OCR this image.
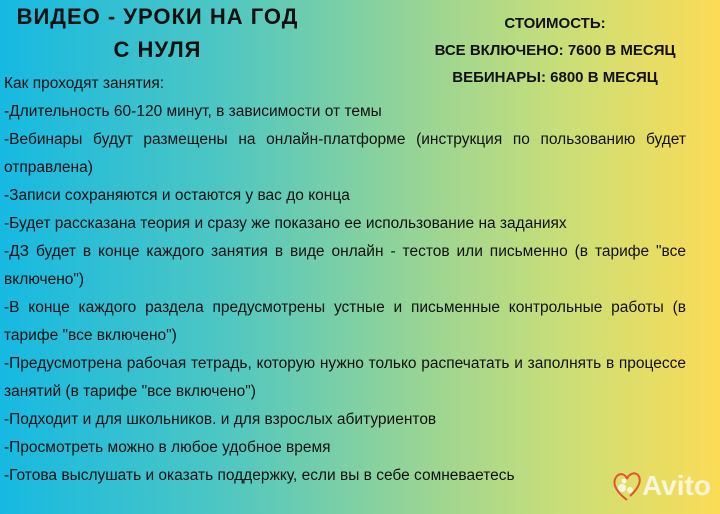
ВИДЕО - УРОКИ НА ГОД
С НУЛЯ
СТОИМОСТЬ:
ВСЕ ВКЛЮЧЕНО: 7600 В МЕСЯЦ
ВЕБИНАРЫ: 6800 В МЕСЯЦ

Как проходят занятия:

-Длительность 60-120 минут, в зависимости от темы

-Вебинары будут размещены на онлайн-платформе (инструкция по пользованию будет отправлена)

-Записи сохраняются и остаются у вас до конца

-Будет рассказана теория и сразу же показано ее использование на заданиях

-ДЗ будет в конце каждого занятия в виде онлайн - тестов или письменно (в тарифе "все включено")

-В конце каждого раздела предусмотрены устные и письменные контрольные работы (в тарифе "все включено")

-Предусмотрена рабочая тетрадь, которую нужно только распечатать и заполнять в процессе занятий (в тарифе "все включено")

-Подходит и для школьников. и для взрослых абитуриентов

-Просмотреть можно в любое удобное время

-Готова выслушать и оказать поддержку, если вы в себе сомневаетесь	Avito
